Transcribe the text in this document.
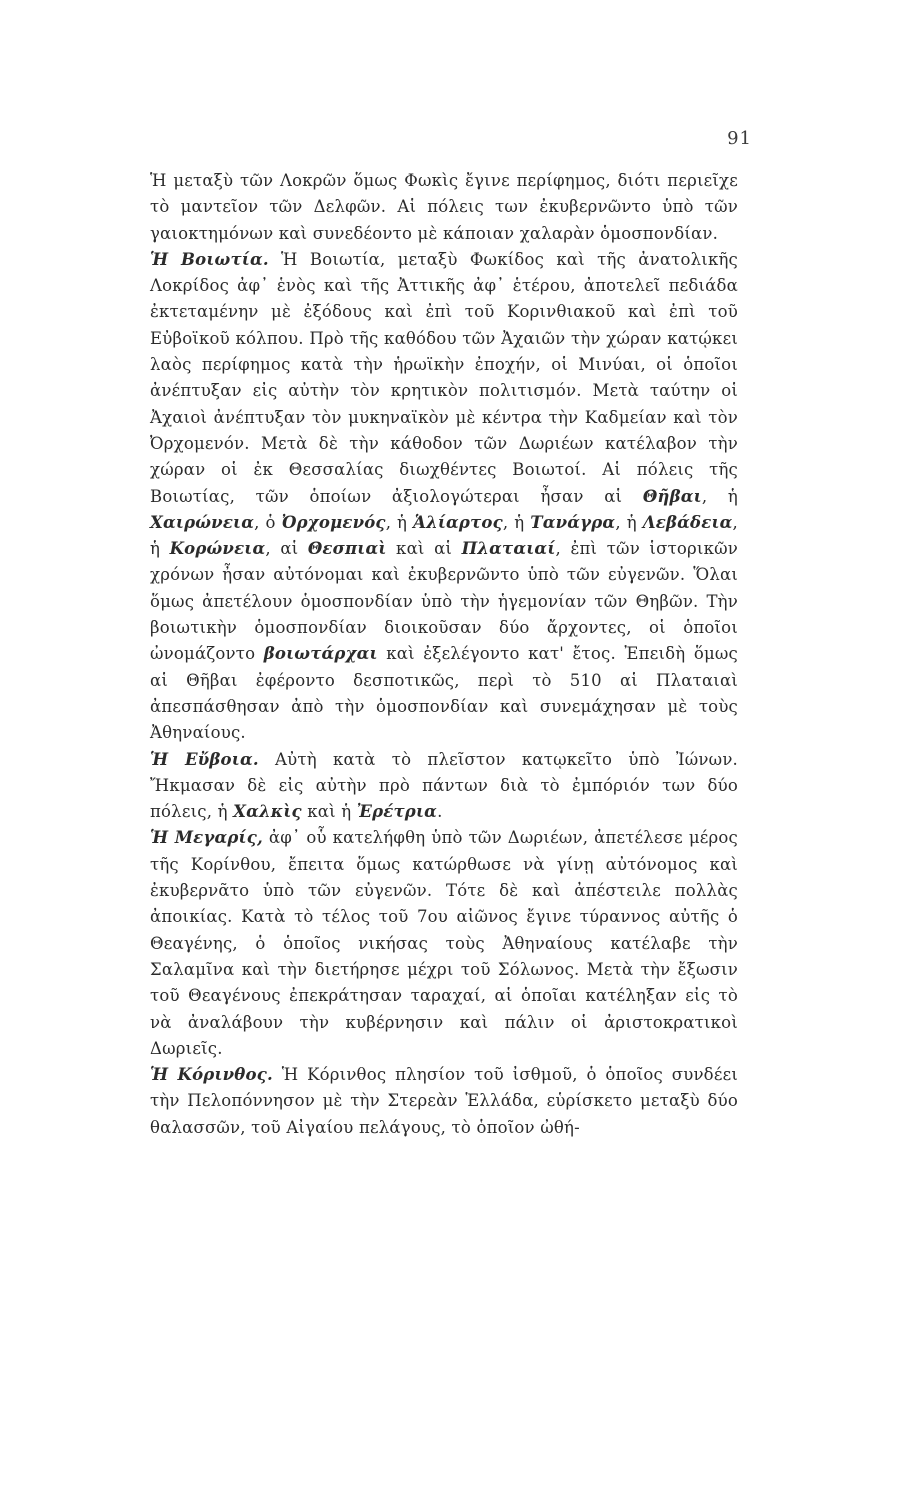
91

Ἡ μεταξὺ τῶν Λοκρῶν ὅμως Φωκὶς ἔγινε περίφημος, διότι περιεῖχε τὸ μαντεῖον τῶν Δελφῶν. Αἱ πόλεις των ἐκυβερνῶντο ὑπὸ τῶν γαιοκτημόνων καὶ συνεδέοντο μὲ κάποιαν χαλαρὰν ὁμοσπονδίαν.

Ἡ Βοιωτία. Ἡ Βοιωτία, μεταξὺ Φωκίδος καὶ τῆς ἀνατολικῆς Λοκρίδος ἀφ᾿ ἑνὸς καὶ τῆς Ἀττικῆς ἀφ᾿ ἑτέρου, ἀποτελεῖ πεδιάδα ἐκτεταμένην μὲ ἐξόδους καὶ ἐπὶ τοῦ Κορινθιακοῦ καὶ ἐπὶ τοῦ Εὐβοϊκοῦ κόλπου. Πρὸ τῆς καθόδου τῶν Ἀχαιῶν τὴν χώραν κατῴκει λαὸς περίφημος κατὰ τὴν ἡρωϊκὴν ἐποχήν, οἱ Μινύαι, οἱ ὁποῖοι ἀνέπτυξαν εἰς αὐτὴν τὸν κρητικὸν πολιτισμόν. Μετὰ ταύτην οἱ Ἀχαιοὶ ἀνέπτυξαν τὸν μυκηναϊκὸν μὲ κέντρα τὴν Καδμείαν καὶ τὸν Ὀρχομενόν. Μετὰ δὲ τὴν κάθοδον τῶν Δωριέων κατέλαβον τὴν χώραν οἱ ἐκ Θεσσαλίας διωχθέντες Βοιωτοί. Αἱ πόλεις τῆς Βοιωτίας, τῶν ὁποίων ἀξιολογώτεραι ἦσαν αἱ Θῆβαι, ἡ Χαιρώνεια, ὁ Ὀρχομενός, ἡ Ἁλίαρτος, ἡ Τανάγρα, ἡ Λεβάδεια, ἡ Κορώνεια, αἱ Θεσπιαὶ καὶ αἱ Πλαταιαί, ἐπὶ τῶν ἱστορικῶν χρόνων ἦσαν αὐτόνομαι καὶ ἐκυβερνῶντο ὑπὸ τῶν εὐγενῶν. Ὅλαι ὅμως ἀπετέλουν ὁμοσπονδίαν ὑπὸ τὴν ἡγεμονίαν τῶν Θηβῶν. Τὴν βοιωτικὴν ὁμοσπονδίαν διοικοῦσαν δύο ἄρχοντες, οἱ ὁποῖοι ὠνομάζοντο βοιωτάρχαι καὶ ἐξελέγοντο κατ' ἔτος. Ἐπειδὴ ὅμως αἱ Θῆβαι ἐφέροντο δεσποτικῶς, περὶ τὸ 510 αἱ Πλαταιαὶ ἀπεσπάσθησαν ἀπὸ τὴν ὁμοσπονδίαν καὶ συνεμάχησαν μὲ τοὺς Ἀθηναίους.

Ἡ Εὔβοια. Αὐτὴ κατὰ τὸ πλεῖστον κατῳκεῖτο ὑπὸ Ἰώνων. Ἤκμασαν δὲ εἰς αὐτὴν πρὸ πάντων διὰ τὸ ἐμπόριόν των δύο πόλεις, ἡ Χαλκὶς καὶ ἡ Ἐρέτρια.

Ἡ Μεγαρίς, ἀφ᾿ οὗ κατελήφθη ὑπὸ τῶν Δωριέων, ἀπετέλεσε μέρος τῆς Κορίνθου, ἔπειτα ὅμως κατώρθωσε νὰ γίνῃ αὐτόνομος καὶ ἐκυβερνᾶτο ὑπὸ τῶν εὐγενῶν. Τότε δὲ καὶ ἀπέστειλε πολλὰς ἀποικίας. Κατὰ τὸ τέλος τοῦ 7ου αἰῶνος ἔγινε τύραννος αὐτῆς ὁ Θεαγένης, ὁ ὁποῖος νικήσας τοὺς Ἀθηναίους κατέλαβε τὴν Σαλαμῖνα καὶ τὴν διετήρησε μέχρι τοῦ Σόλωνος. Μετὰ τὴν ἔξωσιν τοῦ Θεαγένους ἐπεκράτησαν ταραχαί, αἱ ὁποῖαι κατέληξαν εἰς τὸ νὰ ἀναλάβουν τὴν κυβέρνησιν καὶ πάλιν οἱ ἀριστοκρατικοὶ Δωριεῖς.

Ἡ Κόρινθος. Ἡ Κόρινθος πλησίον τοῦ ἰσθμοῦ, ὁ ὁποῖος συνδέει τὴν Πελοπόννησον μὲ τὴν Στερεὰν Ἑλλάδα, εὑρίσκετο μεταξὺ δύο θαλασσῶν, τοῦ Αἰγαίου πελάγους, τὸ ὁποῖον ὠθή-
